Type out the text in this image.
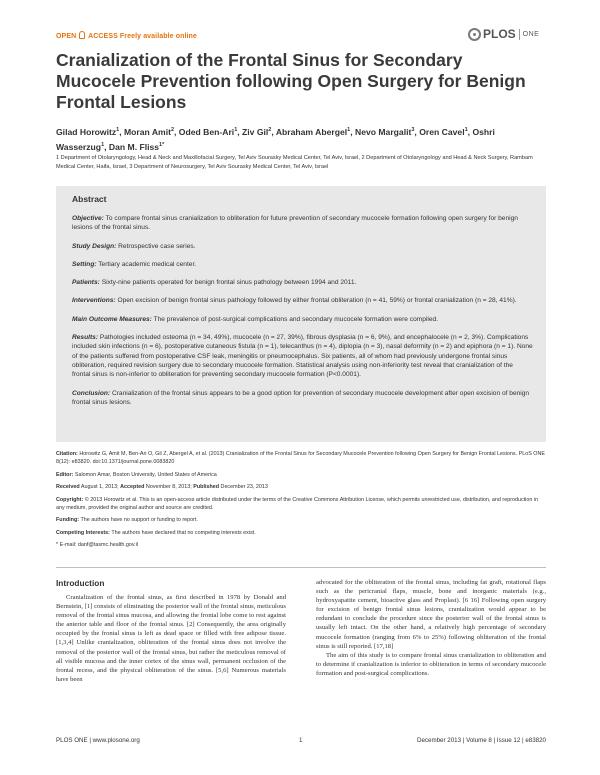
OPEN ACCESS Freely available online	PLOS ONE
Cranialization of the Frontal Sinus for Secondary Mucocele Prevention following Open Surgery for Benign Frontal Lesions
Gilad Horowitz$^1$, Moran Amit$^2$, Oded Ben-Ari$^1$, Ziv Gil$^2$, Abraham Abergel$^1$, Nevo Margalit$^3$, Oren Cavel$^1$, Oshri Wasserzug$^1$, Dan M. Fliss$^{1*}$
1 Department of Otolaryngology, Head & Neck and Maxillofacial Surgery, Tel Aviv Sourasky Medical Center, Tel Aviv, Israel, 2 Department of Otolaryngology and Head & Neck Surgery, Rambam Medical Center, Haifa, Israel, 3 Department of Neurosurgery, Tel Aviv Sourasky Medical Center, Tel Aviv, Israel
Abstract

Objective: To compare frontal sinus cranialization to obliteration for future prevention of secondary mucocele formation following open surgery for benign lesions of the frontal sinus.

Study Design: Retrospective case series.

Setting: Tertiary academic medical center.

Patients: Sixty-nine patients operated for benign frontal sinus pathology between 1994 and 2011.

Interventions: Open excision of benign frontal sinus pathology followed by either frontal obliteration (n = 41, 59%) or frontal cranialization (n = 28, 41%).

Main Outcome Measures: The prevalence of post-surgical complications and secondary mucocele formation were compiled.

Results: Pathologies included osteoma (n = 34, 49%), mucocele (n = 27, 39%), fibrous dysplasia (n = 6, 9%), and encephalocele (n = 2, 3%). Complications included skin infections (n = 6), postoperative cutaneous fistula (n = 1), telecanthus (n = 4), diplopia (n = 3), nasal deformity (n = 2) and epiphora (n = 1). None of the patients suffered from postoperative CSF leak, meningitis or pneumocephalus. Six patients, all of whom had previously undergone frontal sinus obliteration, required revision surgery due to secondary mucocele formation. Statistical analysis using non-inferiority test reveal that cranialization of the frontal sinus is non-inferior to obliteration for preventing secondary mucocele formation (P<0.0001).

Conclusion: Cranialization of the frontal sinus appears to be a good option for prevention of secondary mucocele development after open excision of benign frontal sinus lesions.

Citation: Horowitz G, Amit M, Ben-Ari O, Gil Z, Abergel A, et al. (2013) Cranialization of the Frontal Sinus for Secondary Mucocele Prevention following Open Surgery for Benign Frontal Lesions. PLoS ONE 8(12): e83820. doi:10.1371/journal.pone.0083820

Editor: Salomon Amar, Boston University, United States of America

Received August 1, 2013; Accepted November 8, 2013; Published December 23, 2013

Copyright: © 2013 Horowitz et al. This is an open-access article distributed under the terms of the Creative Commons Attribution License, which permits unrestricted use, distribution, and reproduction in any medium, provided the original author and source are credited.

Funding: The authors have no support or funding to report.

Competing Interests: The authors have declared that no competing interests exist.

* E-mail: danf@tasmc.health.gov.il

Introduction

Cranialization of the frontal sinus, as first described in 1978 by Donald and Bernstein, [1] consists of eliminating the posterior wall of the frontal sinus, meticulous removal of the frontal sinus mucosa, and allowing the frontal lobe come to rest against the anterior table and floor of the frontal sinus. [2] Consequently, the area originally occupied by the frontal sinus is left as dead space or filled with free adipose tissue. [1,3,4] Unlike cranialization, obliteration of the frontal sinus does not involve the removal of the posterior wall of the frontal sinus, but rather the meticulous removal of all visible mucosa and the inner cortex of the sinus wall, permanent occlusion of the frontal recess, and the physical obliteration of the sinus. [5,6] Numerous materials have been

advocated for the obliteration of the frontal sinus, including fat graft, rotational flaps such as the pericranial flaps, muscle, bone and inorganic materials (e.g., hydroxyapatite cement, bioactive glass and Proplast). [6 16] Following open surgery for excision of benign frontal sinus lesions, cranialization would appear to be redundant to conclude the procedure since the posterior wall of the frontal sinus is usually left intact. On the other hand, a relatively high percentage of secondary mucocele formation (ranging from 6% to 25%) following obliteration of the frontal sinus is still reported. [17,18]

The aim of this study is to compare frontal sinus cranialization to obliteration and to determine if cranialization is inferior to obliteration in terms of secondary mucocele formation and post-surgical complications.

PLOS ONE | www.plosone.org	1	December 2013 | Volume 8 | Issue 12 | e83820
